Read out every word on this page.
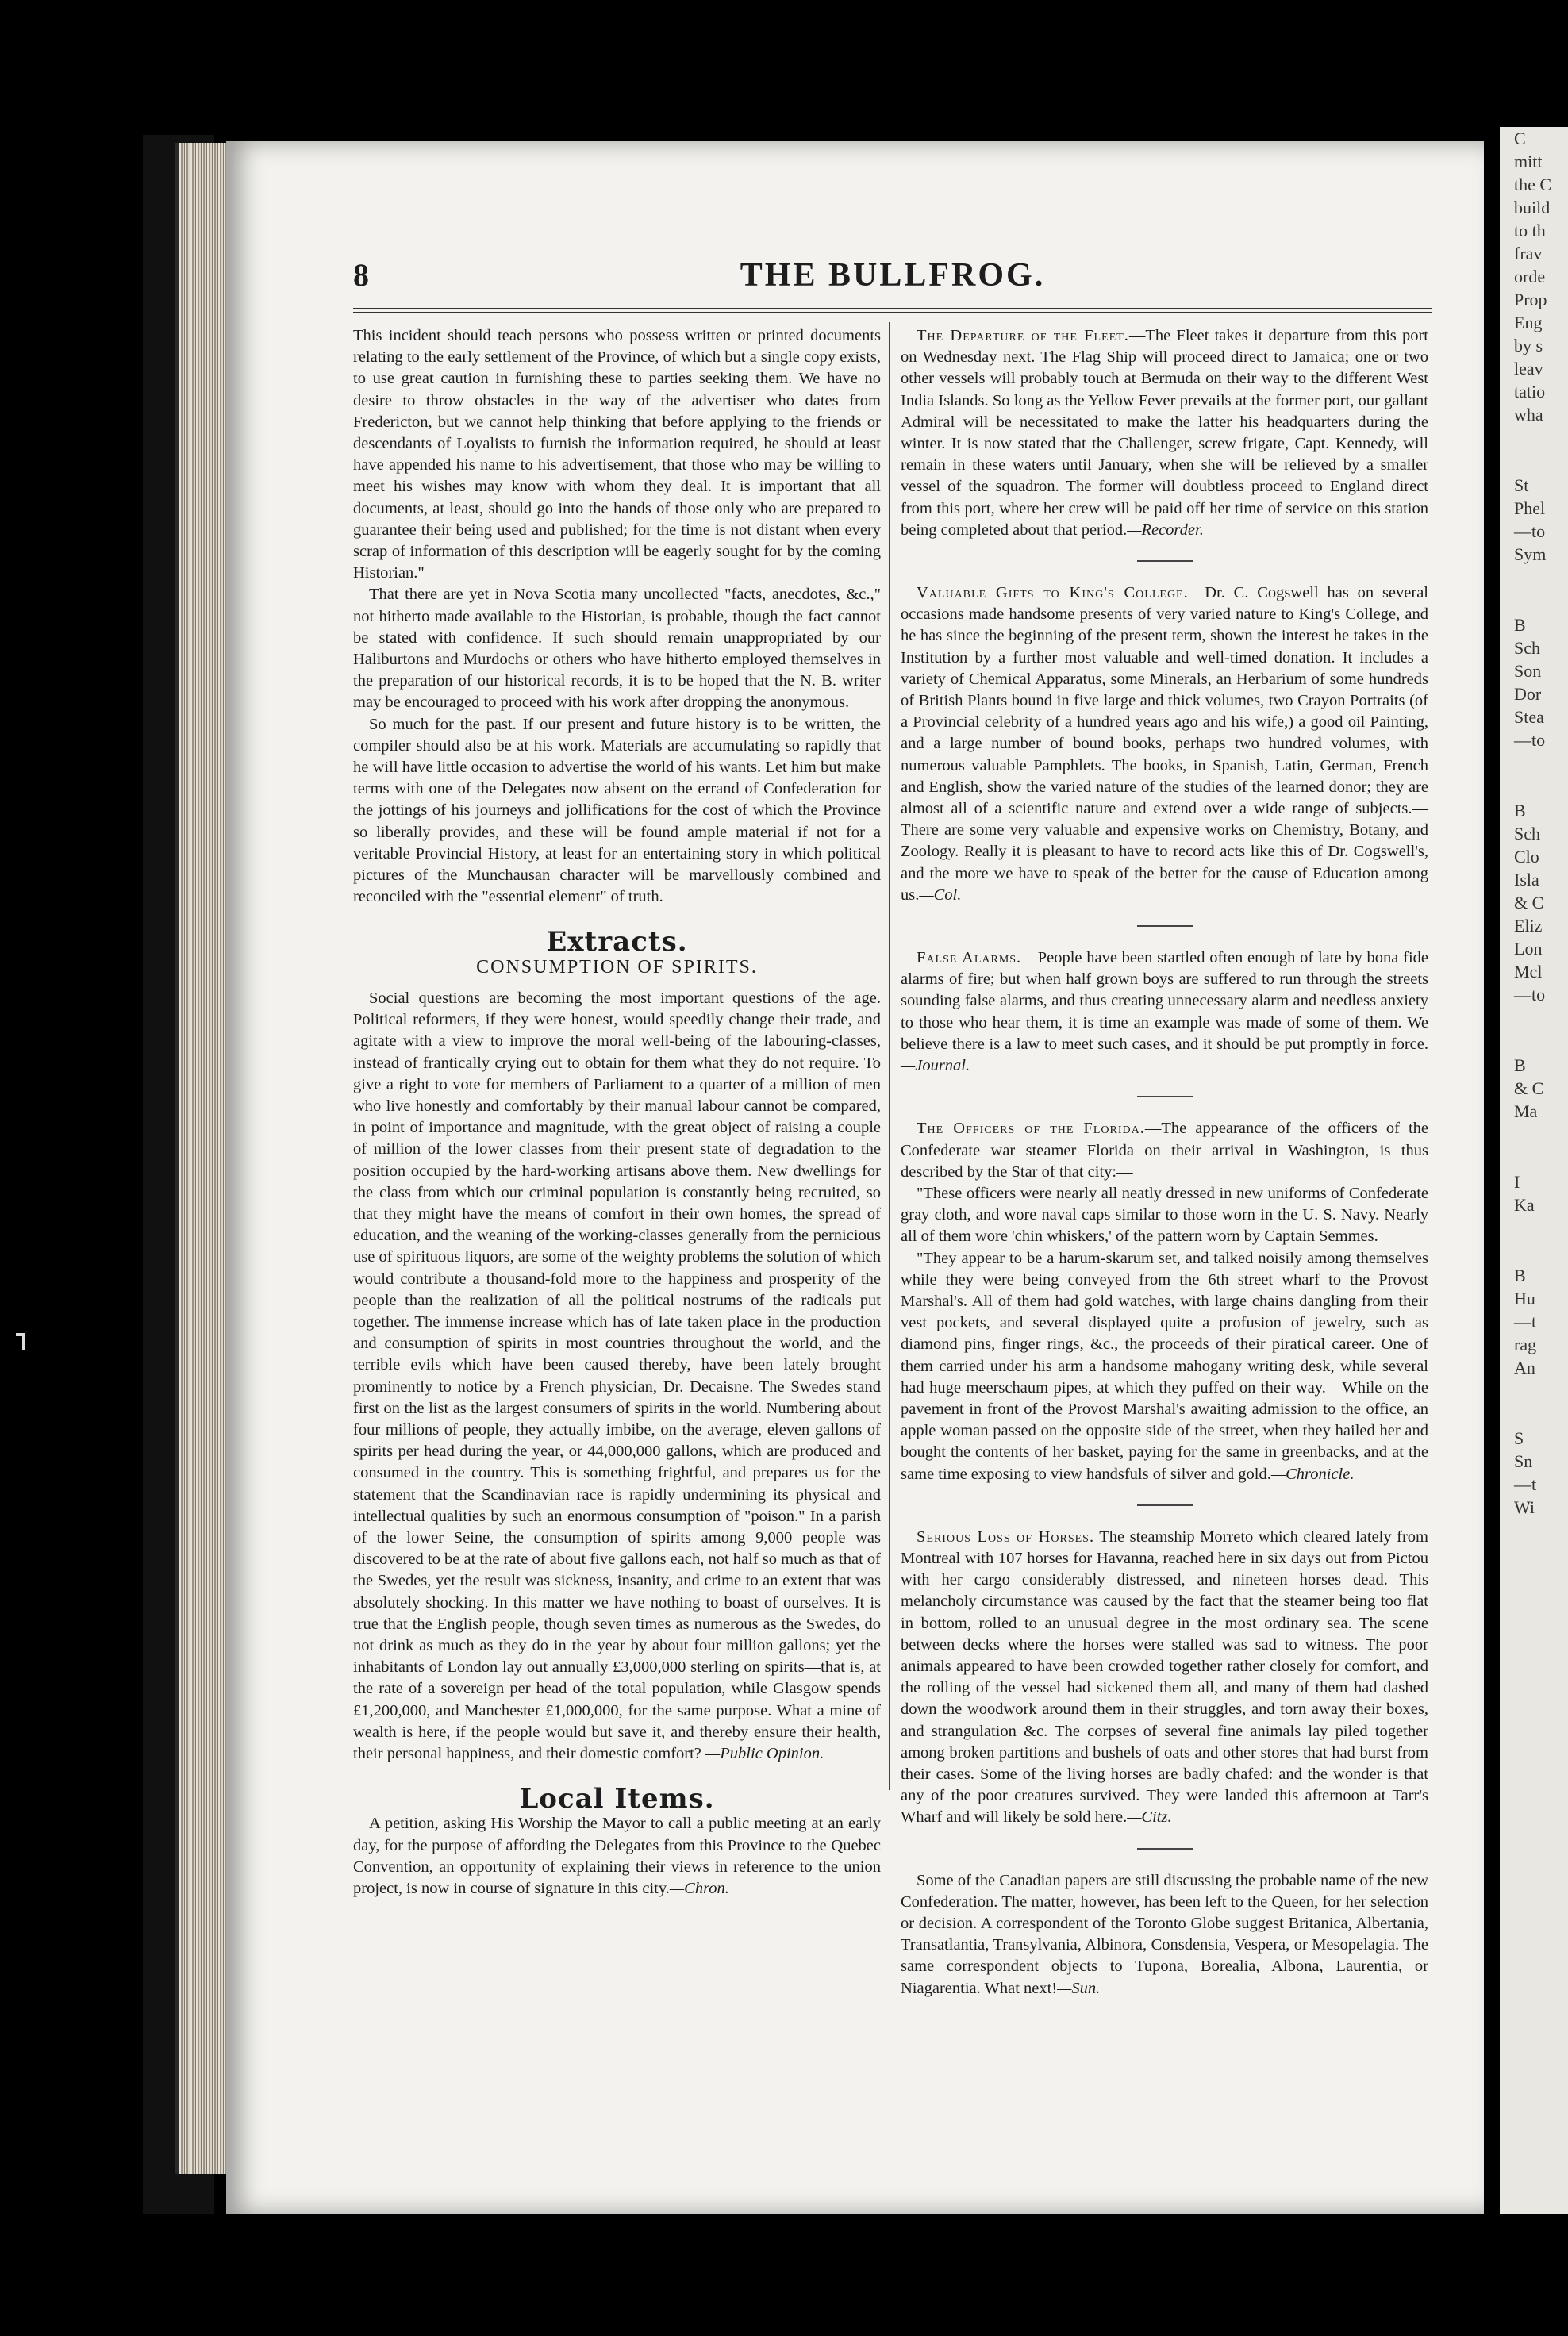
8	THE BULLFROG.

This incident should teach persons who possess written or printed documents relating to the early settlement of the Province, of which but a single copy exists, to use great caution in furnishing these to parties seeking them. We have no desire to throw obstacles in the way of the advertiser who dates from Fredericton, but we cannot help thinking that before applying to the friends or descendants of Loyalists to furnish the information required, he should at least have appended his name to his advertisement, that those who may be willing to meet his wishes may know with whom they deal. It is important that all documents, at least, should go into the hands of those only who are prepared to guarantee their being used and published; for the time is not distant when every scrap of information of this description will be eagerly sought for by the coming Historian."

That there are yet in Nova Scotia many uncollected "facts, anecdotes, &c.," not hitherto made available to the Historian, is probable, though the fact cannot be stated with confidence. If such should remain unappropriated by our Haliburtons and Murdochs or others who have hitherto employed themselves in the preparation of our historical records, it is to be hoped that the N. B. writer may be encouraged to proceed with his work after dropping the anonymous.

So much for the past. If our present and future history is to be written, the compiler should also be at his work. Materials are accumulating so rapidly that he will have little occasion to advertise the world of his wants. Let him but make terms with one of the Delegates now absent on the errand of Confederation for the jottings of his journeys and jollifications for the cost of which the Province so liberally provides, and these will be found ample material if not for a veritable Provincial History, at least for an entertaining story in which political pictures of the Munchausan character will be marvellously combined and reconciled with the "essential element" of truth.

Extracts.
CONSUMPTION OF SPIRITS.

Social questions are becoming the most important questions of the age. Political reformers, if they were honest, would speedily change their trade, and agitate with a view to improve the moral well-being of the labouring-classes, instead of frantically crying out to obtain for them what they do not require. To give a right to vote for members of Parliament to a quarter of a million of men who live honestly and comfortably by their manual labour cannot be compared, in point of importance and magnitude, with the great object of raising a couple of million of the lower classes from their present state of degradation to the position occupied by the hard-working artisans above them. New dwellings for the class from which our criminal population is constantly being recruited, so that they might have the means of comfort in their own homes, the spread of education, and the weaning of the working-classes generally from the pernicious use of spirituous liquors, are some of the weighty problems the solution of which would contribute a thousand-fold more to the happiness and prosperity of the people than the realization of all the political nostrums of the radicals put together. The immense increase which has of late taken place in the production and consumption of spirits in most countries throughout the world, and the terrible evils which have been caused thereby, have been lately brought prominently to notice by a French physician, Dr. Decaisne. The Swedes stand first on the list as the largest consumers of spirits in the world. Numbering about four millions of people, they actually imbibe, on the average, eleven gallons of spirits per head during the year, or 44,000,000 gallons, which are produced and consumed in the country. This is something frightful, and prepares us for the statement that the Scandinavian race is rapidly undermining its physical and intellectual qualities by such an enormous consumption of "poison." In a parish of the lower Seine, the consumption of spirits among 9,000 people was discovered to be at the rate of about five gallons each, not half so much as that of the Swedes, yet the result was sickness, insanity, and crime to an extent that was absolutely shocking. In this matter we have nothing to boast of ourselves. It is true that the English people, though seven times as numerous as the Swedes, do not drink as much as they do in the year by about four million gallons; yet the inhabitants of London lay out annually £3,000,000 sterling on spirits—that is, at the rate of a sovereign per head of the total population, while Glasgow spends £1,200,000, and Manchester £1,000,000, for the same purpose. What a mine of wealth is here, if the people would but save it, and thereby ensure their health, their personal happiness, and their domestic comfort? —Public Opinion.

Local Items.

A petition, asking His Worship the Mayor to call a public meeting at an early day, for the purpose of affording the Delegates from this Province to the Quebec Convention, an opportunity of explaining their views in reference to the union project, is now in course of signature in this city.—Chron.

The Departure of the Fleet.—The Fleet takes it departure from this port on Wednesday next. The Flag Ship will proceed direct to Jamaica; one or two other vessels will probably touch at Bermuda on their way to the different West India Islands. So long as the Yellow Fever prevails at the former port, our gallant Admiral will be necessitated to make the latter his headquarters during the winter. It is now stated that the Challenger, screw frigate, Capt. Kennedy, will remain in these waters until January, when she will be relieved by a smaller vessel of the squadron. The former will doubtless proceed to England direct from this port, where her crew will be paid off her time of service on this station being completed about that period.—Recorder.

Valuable Gifts to King's College.—Dr. C. Cogswell has on several occasions made handsome presents of very varied nature to King's College, and he has since the beginning of the present term, shown the interest he takes in the Institution by a further most valuable and well-timed donation. It includes a variety of Chemical Apparatus, some Minerals, an Herbarium of some hundreds of British Plants bound in five large and thick volumes, two Crayon Portraits (of a Provincial celebrity of a hundred years ago and his wife,) a good oil Painting, and a large number of bound books, perhaps two hundred volumes, with numerous valuable Pamphlets. The books, in Spanish, Latin, German, French and English, show the varied nature of the studies of the learned donor; they are almost all of a scientific nature and extend over a wide range of subjects.—There are some very valuable and expensive works on Chemistry, Botany, and Zoology. Really it is pleasant to have to record acts like this of Dr. Cogswell's, and the more we have to speak of the better for the cause of Education among us.—Col.

False Alarms.—People have been startled often enough of late by bona fide alarms of fire; but when half grown boys are suffered to run through the streets sounding false alarms, and thus creating unnecessary alarm and needless anxiety to those who hear them, it is time an example was made of some of them. We believe there is a law to meet such cases, and it should be put promptly in force.—Journal.

The Officers of the Florida.—The appearance of the officers of the Confederate war steamer Florida on their arrival in Washington, is thus described by the Star of that city:—

"These officers were nearly all neatly dressed in new uniforms of Confederate gray cloth, and wore naval caps similar to those worn in the U. S. Navy. Nearly all of them wore 'chin whiskers,' of the pattern worn by Captain Semmes.

"They appear to be a harum-skarum set, and talked noisily among themselves while they were being conveyed from the 6th street wharf to the Provost Marshal's. All of them had gold watches, with large chains dangling from their vest pockets, and several displayed quite a profusion of jewelry, such as diamond pins, finger rings, &c., the proceeds of their piratical career. One of them carried under his arm a handsome mahogany writing desk, while several had huge meerschaum pipes, at which they puffed on their way.—While on the pavement in front of the Provost Marshal's awaiting admission to the office, an apple woman passed on the opposite side of the street, when they hailed her and bought the contents of her basket, paying for the same in greenbacks, and at the same time exposing to view handsfuls of silver and gold.—Chronicle.

Serious Loss of Horses. The steamship Morreto which cleared lately from Montreal with 107 horses for Havanna, reached here in six days out from Pictou with her cargo considerably distressed, and nineteen horses dead. This melancholy circumstance was caused by the fact that the steamer being too flat in bottom, rolled to an unusual degree in the most ordinary sea. The scene between decks where the horses were stalled was sad to witness. The poor animals appeared to have been crowded together rather closely for comfort, and the rolling of the vessel had sickened them all, and many of them had dashed down the woodwork around them in their struggles, and torn away their boxes, and strangulation &c. The corpses of several fine animals lay piled together among broken partitions and bushels of oats and other stores that had burst from their cases. Some of the living horses are badly chafed: and the wonder is that any of the poor creatures survived. They were landed this afternoon at Tarr's Wharf and will likely be sold here.—Citz.

Some of the Canadian papers are still discussing the probable name of the new Confederation. The matter, however, has been left to the Queen, for her selection or decision. A correspondent of the Toronto Globe suggest Britanica, Albertania, Transatlantia, Transylvania, Albinora, Consdensia, Vespera, or Mesopelagia. The same correspondent objects to Tupona, Borealia, Albona, Laurentia, or Niagarentia. What next!—Sun.

C
mitt
the C
build
to th
frav
orde
Prop
Eng
by s
leav
tatio
wha
St
Phel
—to
Sym
B
Sch
Son
Dor
Stea
—to
B
Sch
Clo
Isla
& C
Eliz
Lon
Mcl
—to
B
& C
Ma
I
Ka
B
Hu
—t
rag
An
S
Sn
—t
Wi
